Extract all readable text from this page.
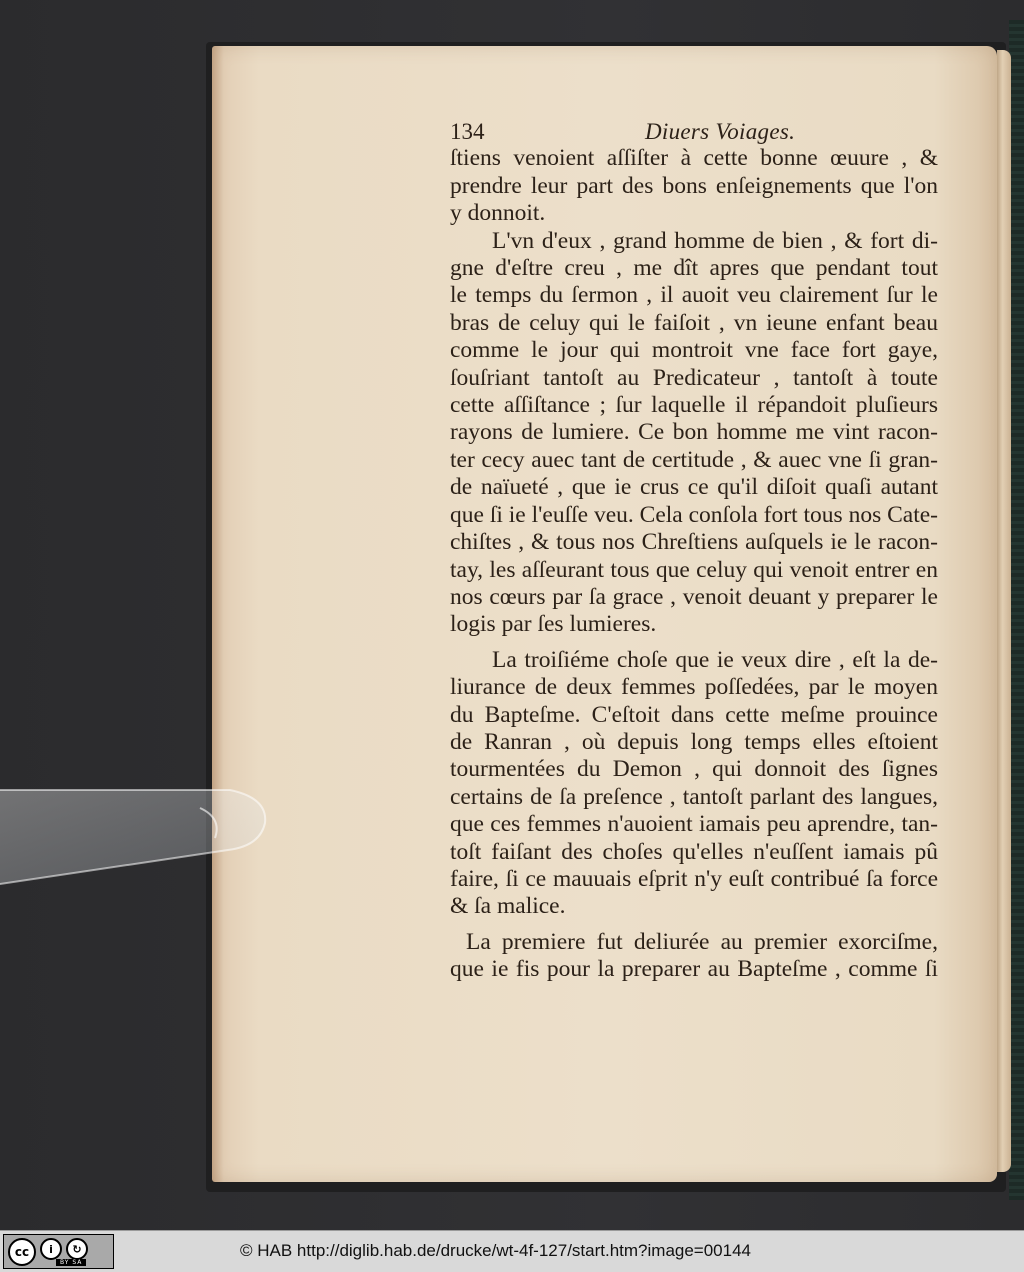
134	Diuers Voiages.
ſtiens venoient aſſiſter à cette bonne œuure , &
prendre leur part des bons enſeignements que l'on
y donnoit.
L'vn d'eux , grand homme de bien , & fort di-
gne d'eſtre creu , me dît apres que pendant tout
le temps du ſermon , il auoit veu clairement ſur le
bras de celuy qui le faiſoit , vn ieune enfant beau
comme le jour qui montroit vne face fort gaye,
ſouſriant tantoſt au Predicateur , tantoſt à toute
cette aſſiſtance ; ſur laquelle il répandoit pluſieurs
rayons de lumiere. Ce bon homme me vint racon-
ter cecy auec tant de certitude , & auec vne ſi gran-
de naïueté , que ie crus ce qu'il diſoit quaſi autant
que ſi ie l'euſſe veu. Cela conſola fort tous nos Cate-
chiſtes , & tous nos Chreſtiens auſquels ie le racon-
tay, les aſſeurant tous que celuy qui venoit entrer en
nos cœurs par ſa grace , venoit deuant y preparer le
logis par ſes lumieres.
La troiſiéme choſe que ie veux dire , eſt la de-
liurance de deux femmes poſſedées, par le moyen
du Bapteſme. C'eſtoit dans cette meſme prouince
de Ranran , où depuis long temps elles eſtoient
tourmentées du Demon , qui donnoit des ſignes
certains de ſa preſence , tantoſt parlant des langues,
que ces femmes n'auoient iamais peu aprendre, tan-
toſt faiſant des choſes qu'elles n'euſſent iamais pû
faire, ſi ce mauuais eſprit n'y euſt contribué ſa force
& ſa malice.
La premiere fut deliurée au premier exorciſme,
que ie fis pour la preparer au Bapteſme , comme ſi
cc	i	↻
BY SA
© HAB http://diglib.hab.de/drucke/wt-4f-127/start.htm?image=00144
